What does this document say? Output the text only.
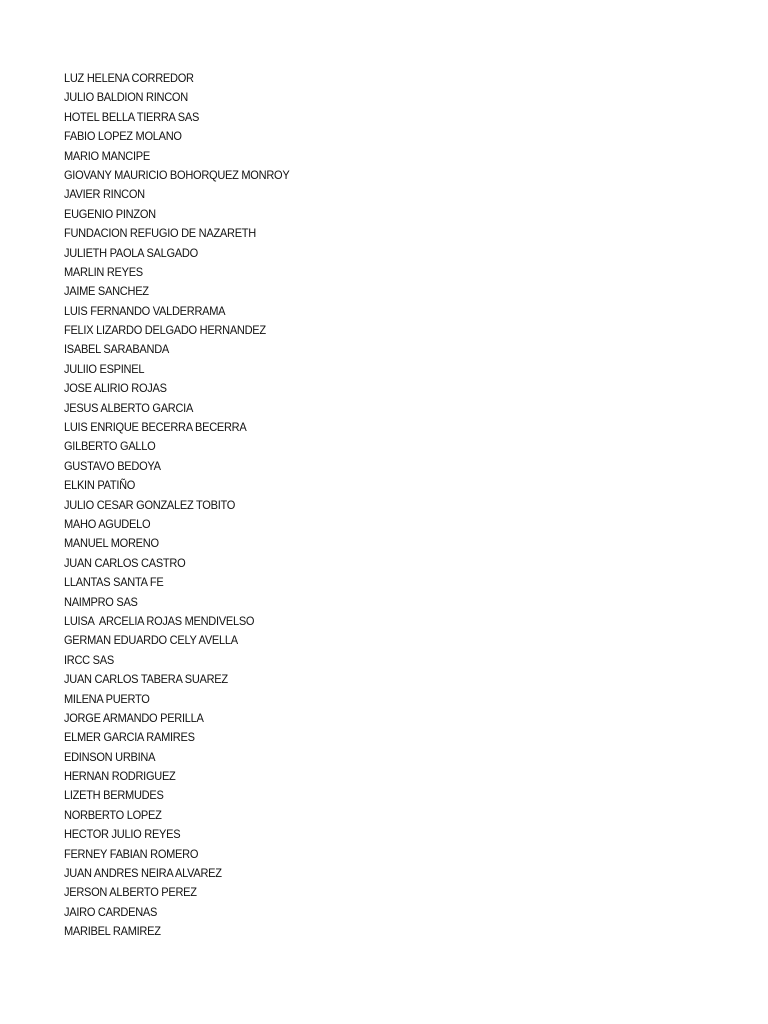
LUZ HELENA CORREDOR
JULIO BALDION RINCON
HOTEL BELLA TIERRA SAS
FABIO LOPEZ MOLANO
MARIO MANCIPE
GIOVANY MAURICIO BOHORQUEZ MONROY
JAVIER RINCON
EUGENIO PINZON
FUNDACION REFUGIO DE NAZARETH
JULIETH PAOLA SALGADO
MARLIN REYES
JAIME SANCHEZ
LUIS FERNANDO VALDERRAMA
FELIX LIZARDO DELGADO HERNANDEZ
ISABEL SARABANDA
JULIIO ESPINEL
JOSE ALIRIO ROJAS
JESUS ALBERTO GARCIA
LUIS ENRIQUE BECERRA BECERRA
GILBERTO GALLO
GUSTAVO BEDOYA
ELKIN PATIÑO
JULIO CESAR GONZALEZ TOBITO
MAHO AGUDELO
MANUEL MORENO
JUAN CARLOS CASTRO
LLANTAS SANTA FE
NAIMPRO SAS
LUISA  ARCELIA ROJAS MENDIVELSO
GERMAN EDUARDO CELY AVELLA
IRCC SAS
JUAN CARLOS TABERA SUAREZ
MILENA PUERTO
JORGE ARMANDO PERILLA
ELMER GARCIA RAMIRES
EDINSON URBINA
HERNAN RODRIGUEZ
LIZETH BERMUDES
NORBERTO LOPEZ
HECTOR JULIO REYES
FERNEY FABIAN ROMERO
JUAN ANDRES NEIRA ALVAREZ
JERSON ALBERTO PEREZ
JAIRO CARDENAS
MARIBEL RAMIREZ
